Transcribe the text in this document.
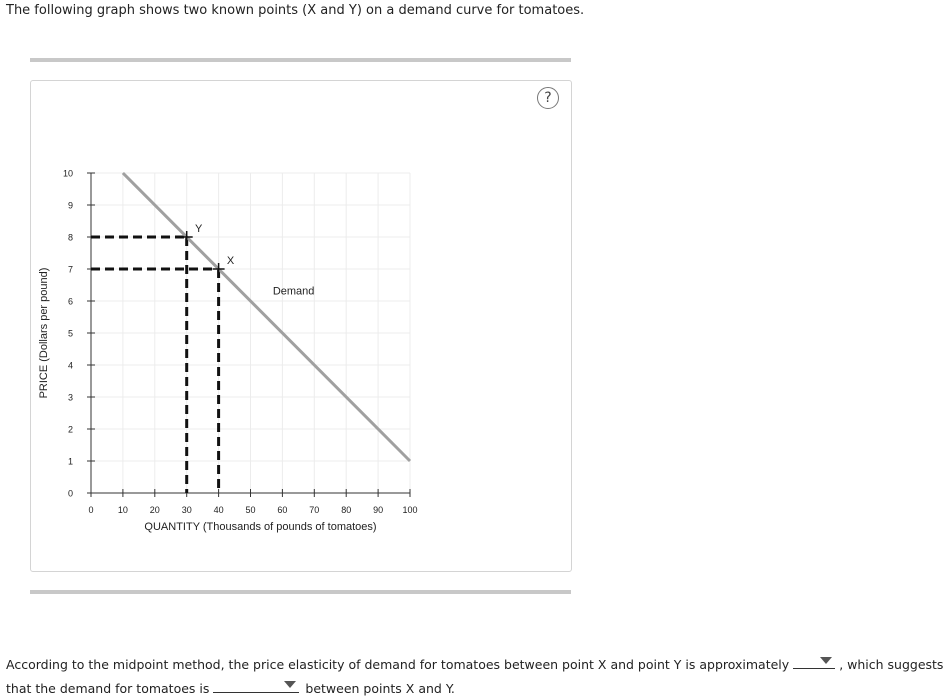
The following graph shows two known points (X and Y) on a demand curve for tomatoes.
?
0
1
2
3
4
5
6
7
8
9
10
0	10 20 30 40 50 60 70 80 90 100
Demand
Y
X
QUANTITY (Thousands of pounds of tomatoes)
PRICE (Dollars per pound)
According to the midpoint method, the price elasticity of demand for tomatoes between point X and point Y is approximately	, which suggests
that the demand for tomatoes is	between points X and Y.
